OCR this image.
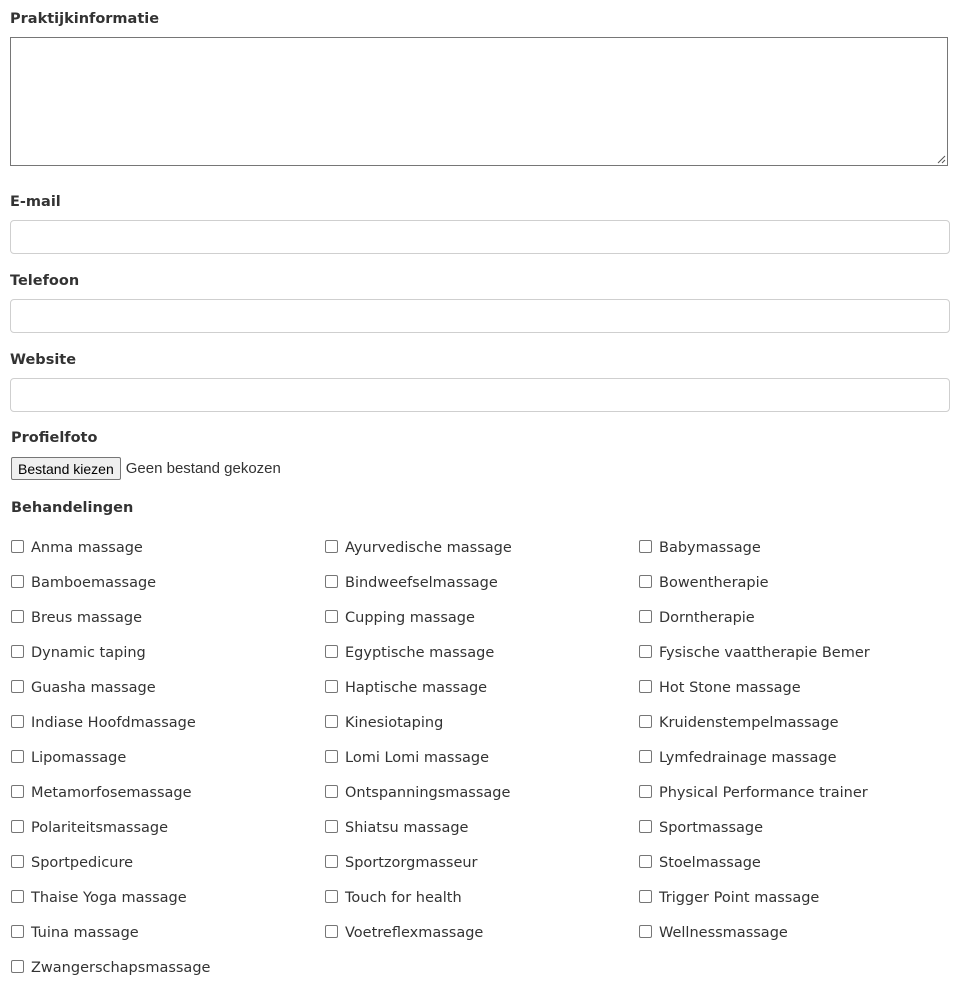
Praktijkinformatie
E-mail
Telefoon
Website
Profielfoto
Bestand kiezen Geen bestand gekozen
Behandelingen
Anma massage	Ayurvedische massage	Babymassage
Bamboemassage	Bindweefselmassage	Bowentherapie
Breus massage	Cupping massage	Dorntherapie
Dynamic taping	Egyptische massage	Fysische vaattherapie Bemer
Guasha massage	Haptische massage	Hot Stone massage
Indiase Hoofdmassage	Kinesiotaping	Kruidenstempelmassage
Lipomassage	Lomi Lomi massage	Lymfedrainage massage
Metamorfosemassage	Ontspanningsmassage	Physical Performance trainer
Polariteitsmassage	Shiatsu massage	Sportmassage
Sportpedicure	Sportzorgmasseur	Stoelmassage
Thaise Yoga massage	Touch for health	Trigger Point massage
Tuina massage	Voetreflexmassage	Wellnessmassage
Zwangerschapsmassage
